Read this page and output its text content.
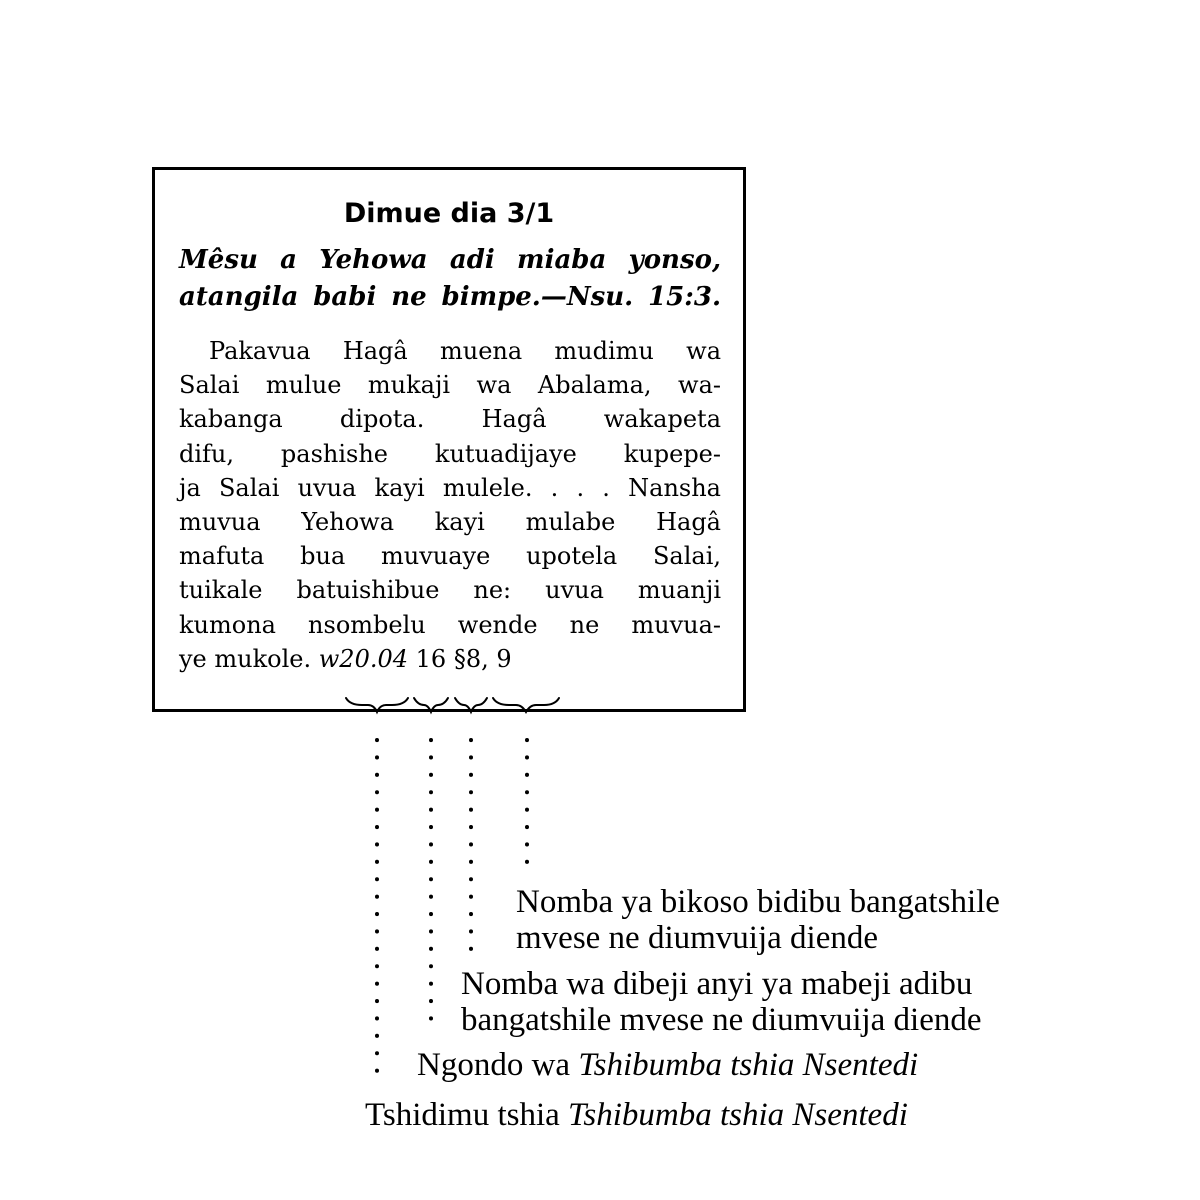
Dimue dia 3/1
Mêsu a Yehowa adi miaba yonso,
atangila babi ne bimpe.—Nsu. 15:3.
Pakavua Hagâ muena mudimu wa
Salai mulue mukaji wa Abalama, wa-
kabanga dipota. Hagâ wakapeta
difu, pashishe kutuadijaye kupepe-
ja Salai uvua kayi mulele. . . . Nansha
muvua Yehowa kayi mulabe Hagâ
mafuta bua muvuaye upotela Salai,
tuikale batuishibue ne: uvua muanji
kumona nsombelu wende ne muvua-
ye mukole. w20.04 16 §8, 9
Nomba ya bikoso bidibu bangatshile
mvese ne diumvuija diende
Nomba wa dibeji anyi ya mabeji adibu
bangatshile mvese ne diumvuija diende
Ngondo wa Tshibumba tshia Nsentedi
Tshidimu tshia Tshibumba tshia Nsentedi
